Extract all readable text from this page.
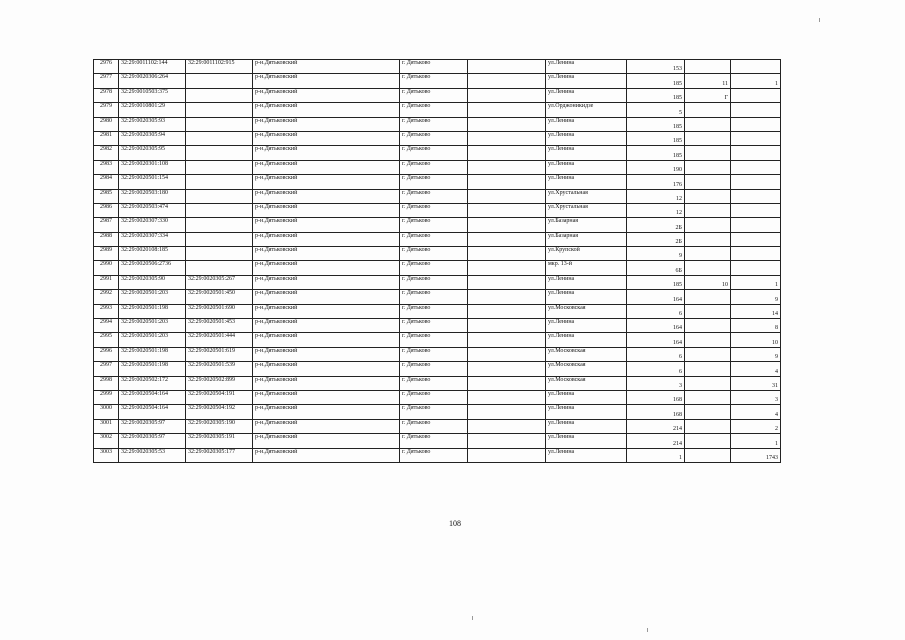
2976	32:29:0011102:144	32:29:0011102:915	р-н.Дятьковский	г. Дятьково		ул.Ленина	153		
2977	32:29:0020306:264		р-н.Дятьковский	г. Дятьково		ул.Ленина	185	11	1
2978	32:29:0010503:375		р-н.Дятьковский	г. Дятьково		ул.Ленина	185	Г	
2979	32:29:0010801:29		р-н.Дятьковский	г. Дятьково		ул.Орджоникидзе	5		
2980	32:29:0020305:93		р-н.Дятьковский	г. Дятьково		ул.Ленина	185		
2981	32:29:0020305:94		р-н.Дятьковский	г. Дятьково		ул.Ленина	185		
2982	32:29:0020305:95		р-н.Дятьковский	г. Дятьково		ул.Ленина	185		
2983	32:29:0020301:108		р-н.Дятьковский	г. Дятьково		ул.Ленина	190		
2984	32:29:0020501:154		р-н.Дятьковский	г. Дятьково		ул.Ленина	176		
2985	32:29:0020503:180		р-н.Дятьковский	г. Дятьково		ул.Хрустальная	12		
2986	32:29:0020503:474		р-н.Дятьковский	г. Дятьково		ул.Хрустальная	12		
2987	32:29:0020307:330		р-н.Дятьковский	г. Дятьково		ул.Базарная	2Б		
2988	32:29:0020307:334		р-н.Дятьковский	г. Дятьково		ул.Базарная	2Б		
2989	32:29:0020108:185		р-н.Дятьковский	г. Дятьково		ул.Крупской	9		
2990	32:29:0020506:2736		р-н.Дятьковский	г. Дятьково		мкр. 13-й	6Б		
2991	32:29:0020305:90	32:29:0020305:267	р-н.Дятьковский	г. Дятьково		ул.Ленина	185	10	1
2992	32:29:0020501:203	32:29:0020501:450	р-н.Дятьковский	г. Дятьково		ул.Ленина	164		9
2993	32:29:0020501:198	32:29:0020501:690	р-н.Дятьковский	г. Дятьково		ул.Московская	6		14
2994	32:29:0020501:203	32:29:0020501:453	р-н.Дятьковский	г. Дятьково		ул.Ленина	164		8
2995	32:29:0020501:203	32:29:0020501:444	р-н.Дятьковский	г. Дятьково		ул.Ленина	164		10
2996	32:29:0020501:198	32:29:0020501:619	р-н.Дятьковский	г. Дятьково		ул.Московская	6		9
2997	32:29:0020501:198	32:29:0020501:539	р-н.Дятьковский	г. Дятьково		ул.Московская	6		4
2998	32:29:0020502:172	32:29:0020502:899	р-н.Дятьковский	г. Дятьково		ул.Московская	3		31
2999	32:29:0020504:164	32:29:0020504:191	р-н.Дятьковский	г. Дятьково		ул.Ленина	168		3
3000	32:29:0020504:164	32:29:0020504:192	р-н.Дятьковский	г. Дятьково		ул.Ленина	168		4
3001	32:29:0020305:97	32:29:0020305:190	р-н.Дятьковский	г. Дятьково		ул.Ленина	214		2
3002	32:29:0020305:97	32:29:0020305:191	р-н.Дятьковский	г. Дятьково		ул.Ленина	214		1
3003	32:29:0020305:53	32:29:0020305:177	р-н.Дятьковский	г. Дятьково		ул.Ленина	1		1743
108
